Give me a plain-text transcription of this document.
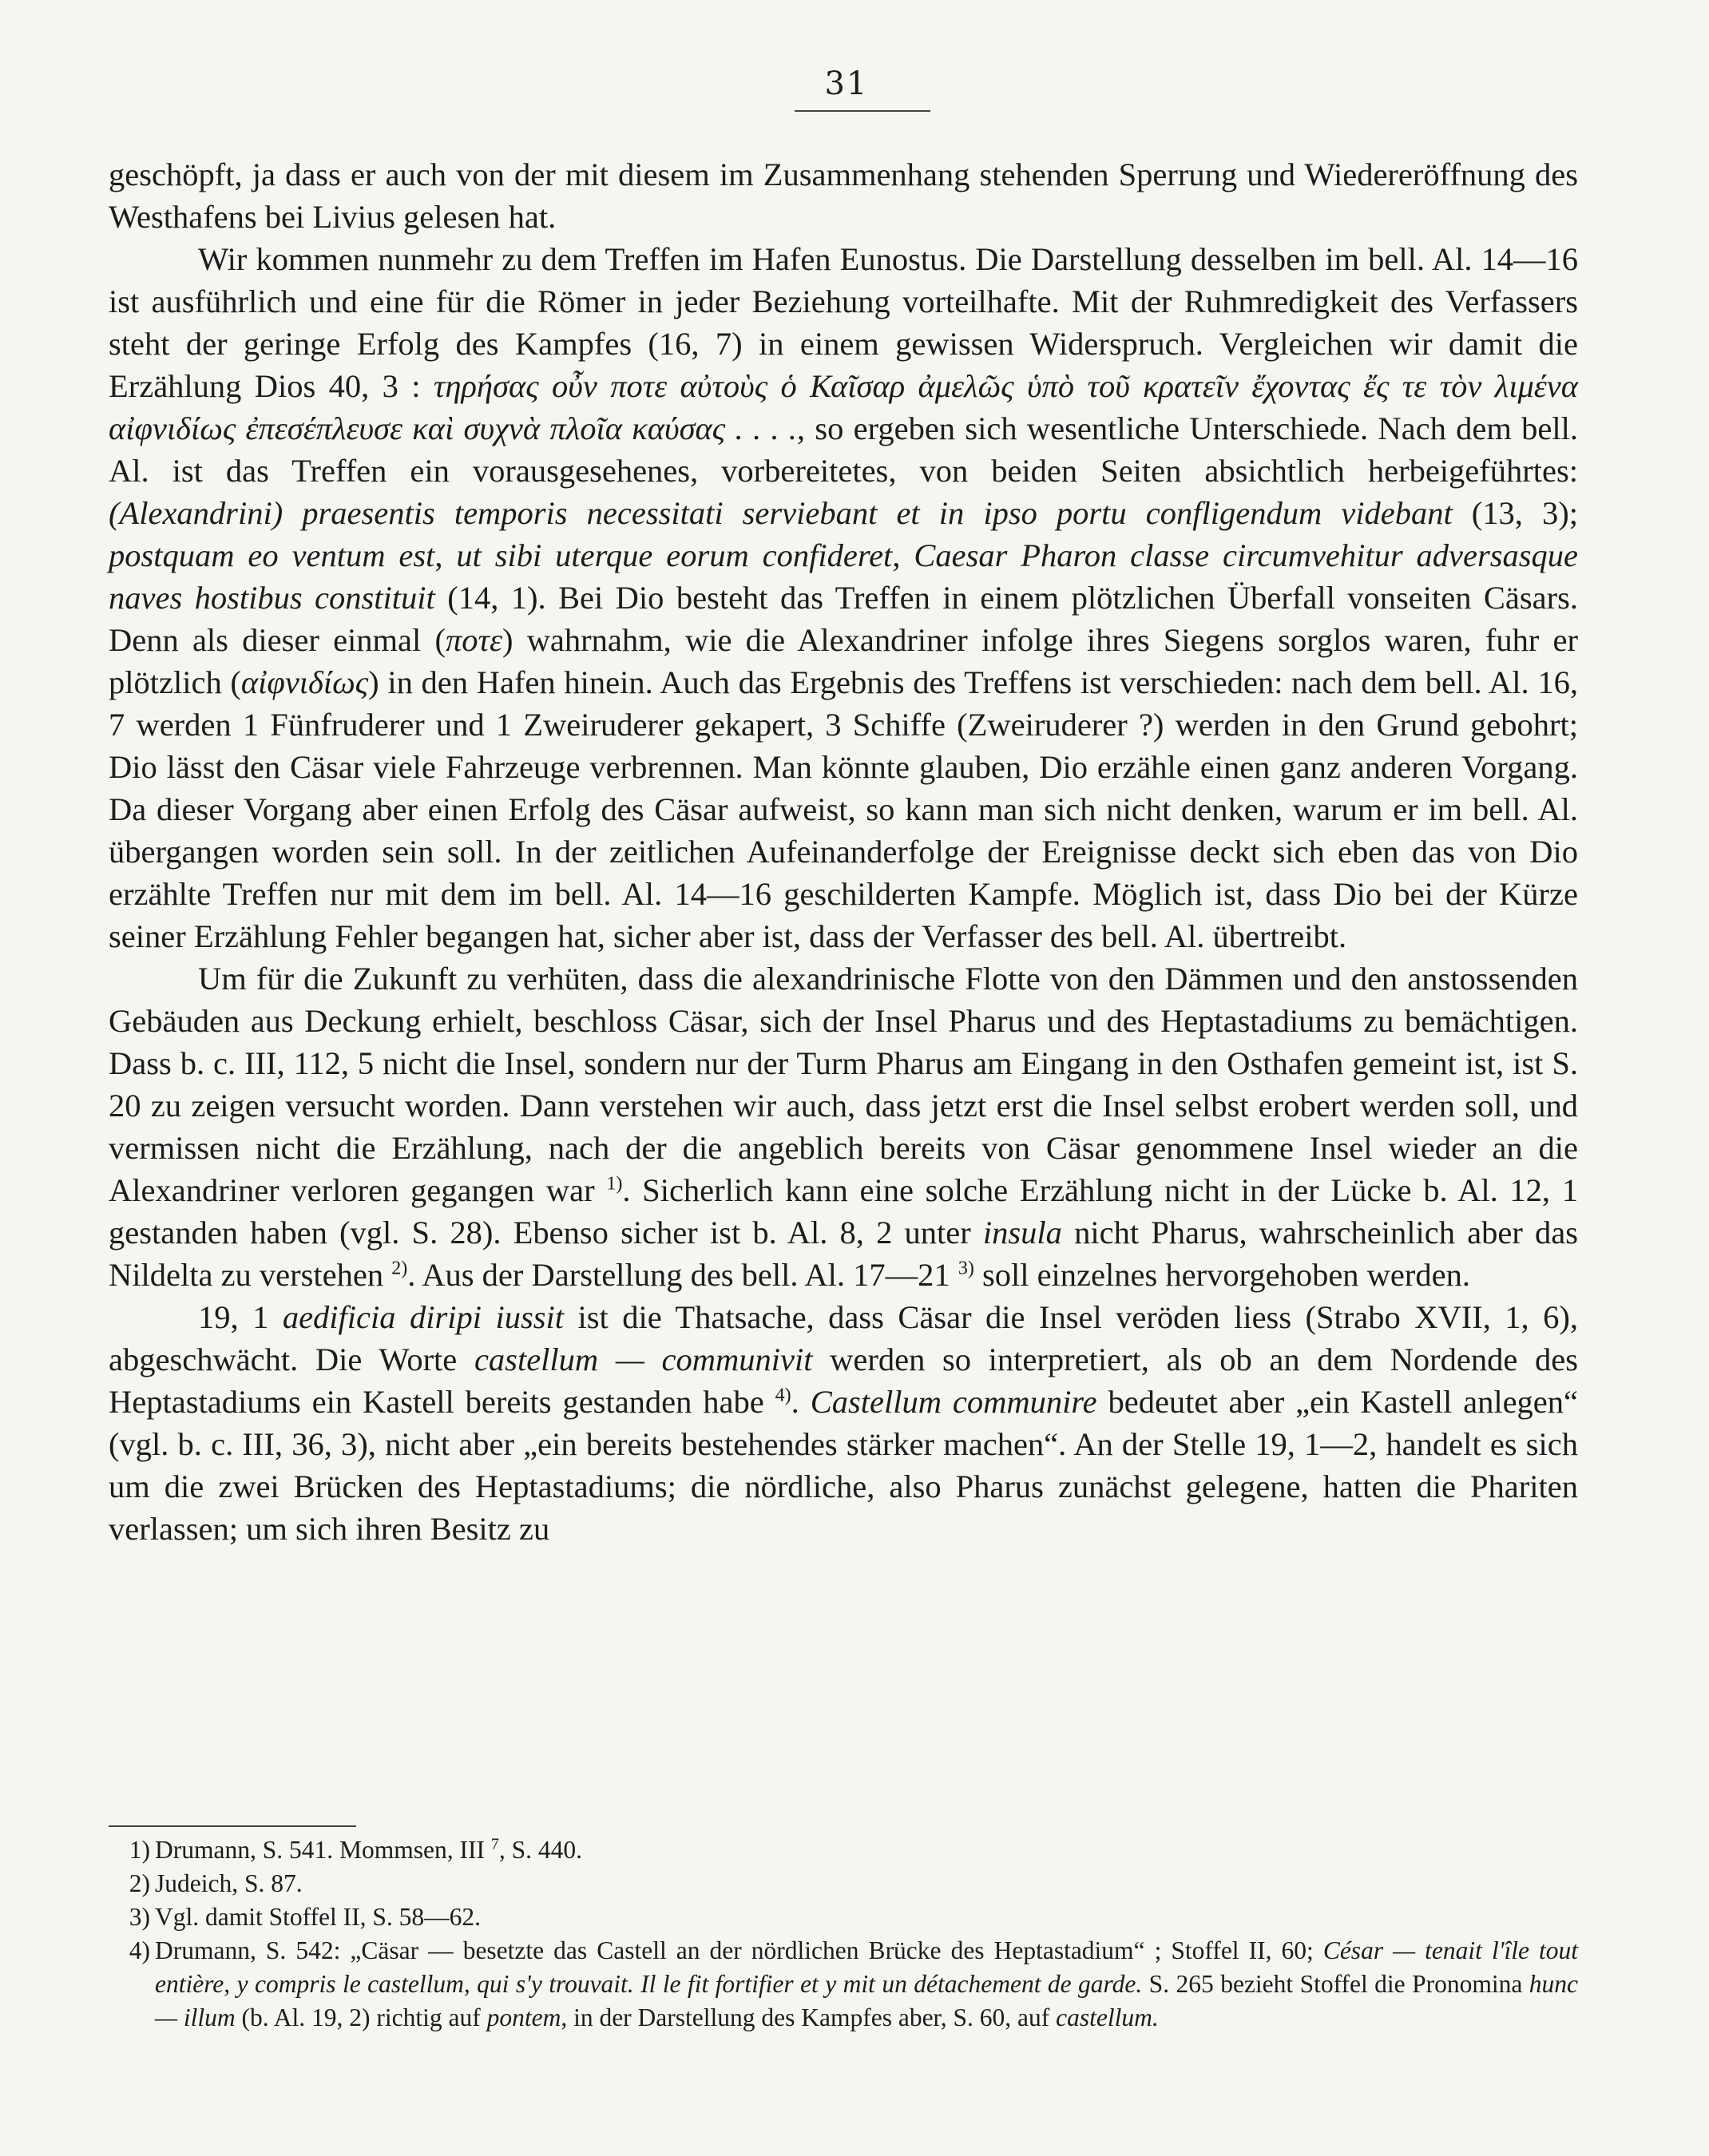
31

geschöpft, ja dass er auch von der mit diesem im Zusammenhang stehenden Sperrung und Wiedereröffnung des Westhafens bei Livius gelesen hat.

Wir kommen nunmehr zu dem Treffen im Hafen Eunostus. Die Darstellung desselben im bell. Al. 14—16 ist ausführlich und eine für die Römer in jeder Beziehung vorteilhafte. Mit der Ruhmredigkeit des Verfassers steht der geringe Erfolg des Kampfes (16, 7) in einem gewissen Widerspruch. Vergleichen wir damit die Erzählung Dios 40, 3 : τηρήσας οὖν ποτε αὐτοὺς ὁ Καῖσαρ ἀμελῶς ὑπὸ τοῦ κρατεῖν ἔχοντας ἔς τε τὸν λιμένα αἰφνιδίως ἐπεσέπλευσε καὶ συχνὰ πλοῖα καύσας . . . ., so ergeben sich wesentliche Unterschiede. Nach dem bell. Al. ist das Treffen ein vorausgesehenes, vorbereitetes, von beiden Seiten absichtlich herbeigeführtes: (Alexandrini) praesentis temporis necessitati serviebant et in ipso portu confligendum videbant (13, 3); postquam eo ventum est, ut sibi uterque eorum confideret, Caesar Pharon classe circumvehitur adversasque naves hostibus constituit (14, 1). Bei Dio besteht das Treffen in einem plötzlichen Überfall vonseiten Cäsars. Denn als dieser einmal (ποτε) wahrnahm, wie die Alexandriner infolge ihres Siegens sorglos waren, fuhr er plötzlich (αἰφνιδίως) in den Hafen hinein. Auch das Ergebnis des Treffens ist verschieden: nach dem bell. Al. 16, 7 werden 1 Fünfruderer und 1 Zweiruderer gekapert, 3 Schiffe (Zweiruderer ?) werden in den Grund gebohrt; Dio lässt den Cäsar viele Fahrzeuge verbrennen. Man könnte glauben, Dio erzähle einen ganz anderen Vorgang. Da dieser Vorgang aber einen Erfolg des Cäsar aufweist, so kann man sich nicht denken, warum er im bell. Al. übergangen worden sein soll. In der zeitlichen Aufeinanderfolge der Ereignisse deckt sich eben das von Dio erzählte Treffen nur mit dem im bell. Al. 14—16 geschilderten Kampfe. Möglich ist, dass Dio bei der Kürze seiner Erzählung Fehler begangen hat, sicher aber ist, dass der Verfasser des bell. Al. übertreibt.

Um für die Zukunft zu verhüten, dass die alexandrinische Flotte von den Dämmen und den anstossenden Gebäuden aus Deckung erhielt, beschloss Cäsar, sich der Insel Pharus und des Heptastadiums zu bemächtigen. Dass b. c. III, 112, 5 nicht die Insel, sondern nur der Turm Pharus am Eingang in den Osthafen gemeint ist, ist S. 20 zu zeigen versucht worden. Dann verstehen wir auch, dass jetzt erst die Insel selbst erobert werden soll, und vermissen nicht die Erzählung, nach der die angeblich bereits von Cäsar genommene Insel wieder an die Alexandriner verloren gegangen war $^{1)}$. Sicherlich kann eine solche Erzählung nicht in der Lücke b. Al. 12, 1 gestanden haben (vgl. S. 28). Ebenso sicher ist b. Al. 8, 2 unter insula nicht Pharus, wahrscheinlich aber das Nildelta zu verstehen $^{2)}$. Aus der Darstellung des bell. Al. 17—21 $^{3)}$ soll einzelnes hervorgehoben werden.

19, 1 aedificia diripi iussit ist die Thatsache, dass Cäsar die Insel veröden liess (Strabo XVII, 1, 6), abgeschwächt. Die Worte castellum — communivit werden so interpretiert, als ob an dem Nordende des Heptastadiums ein Kastell bereits gestanden habe $^{4)}$. Castellum communire bedeutet aber „ein Kastell anlegen“ (vgl. b. c. III, 36, 3), nicht aber „ein bereits bestehendes stärker machen“. An der Stelle 19, 1—2, handelt es sich um die zwei Brücken des Heptastadiums; die nördliche, also Pharus zunächst gelegene, hatten die Phariten verlassen; um sich ihren Besitz zu

1) Drumann, S. 541. Mommsen, III $^7$, S. 440.

2) Judeich, S. 87.

3) Vgl. damit Stoffel II, S. 58—62.

4) Drumann, S. 542: „Cäsar — besetzte das Castell an der nördlichen Brücke des Heptastadium“ ; Stoffel II, 60; César — tenait l'île tout entière, y compris le castellum, qui s'y trouvait. Il le fit fortifier et y mit un détachement de garde. S. 265 bezieht Stoffel die Pronomina hunc — illum (b. Al. 19, 2) richtig auf pontem, in der Darstellung des Kampfes aber, S. 60, auf castellum.
